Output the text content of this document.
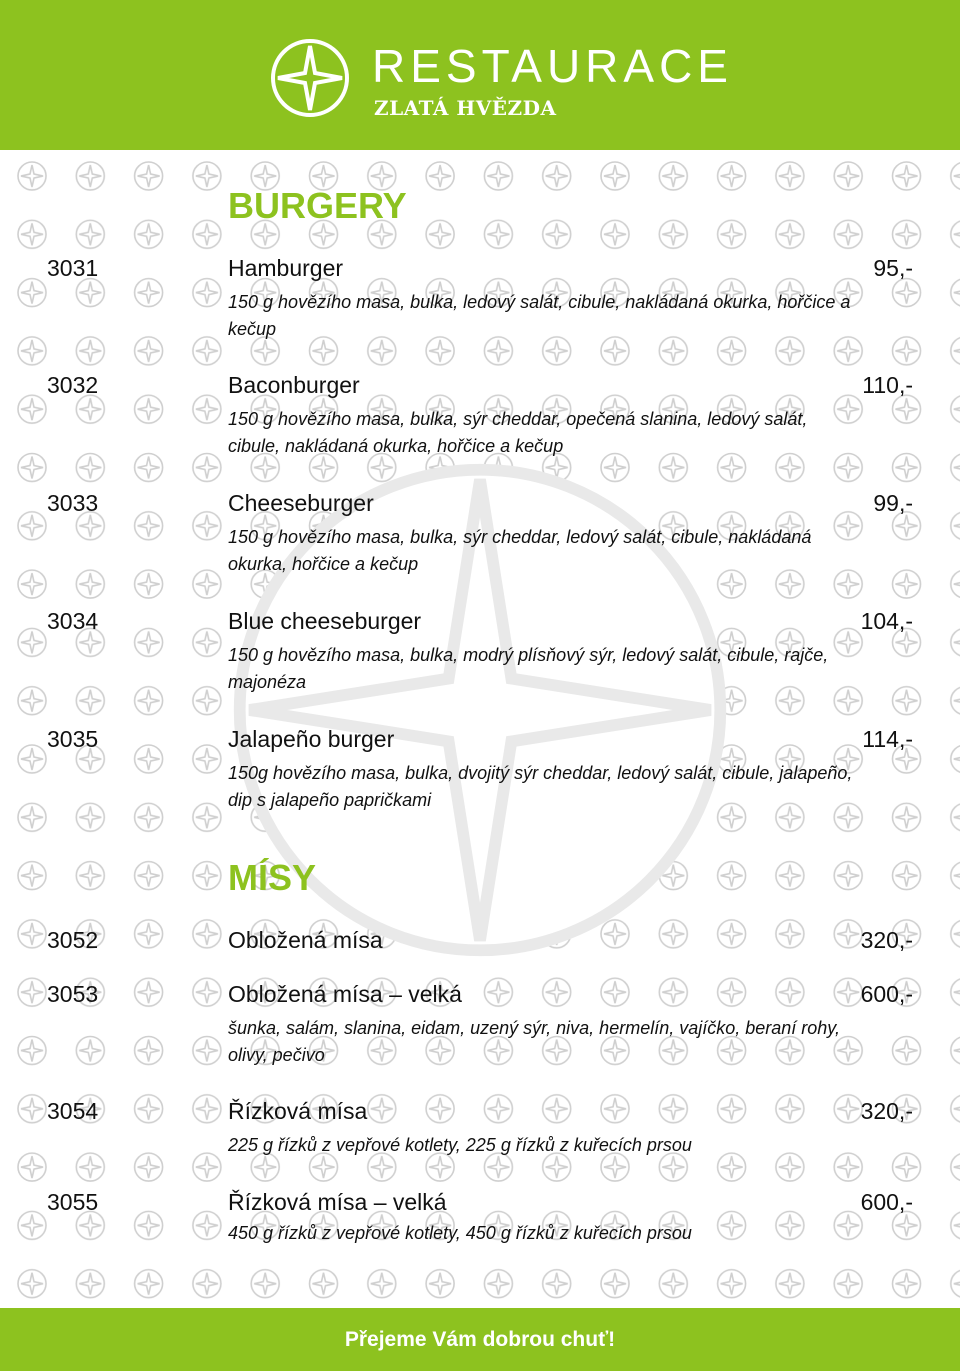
RESTAURACE
ZLATÁ HVĚZDA
BURGERY
3031	Hamburger	95,-
150 g hovězího masa, bulka, ledový salát, cibule, nakládaná okurka, hořčice a
kečup
3032	Baconburger	110,-
150 g hovězího masa, bulka, sýr cheddar, opečená slanina, ledový salát,
cibule, nakládaná okurka, hořčice a kečup
3033	Cheeseburger	99,-
150 g hovězího masa, bulka, sýr cheddar, ledový salát, cibule, nakládaná
okurka, hořčice a kečup
3034	Blue cheeseburger	104,-
150 g hovězího masa, bulka, modrý plísňový sýr, ledový salát, cibule, rajče,
majonéza
3035	Jalapeño burger	114,-
150g hovězího masa, bulka, dvojitý sýr cheddar, ledový salát, cibule, jalapeño,
dip s jalapeño papričkami
MÍSY
3052	Obložená mísa	320,-
3053	Obložená mísa – velká	600,-
šunka, salám, slanina, eidam, uzený sýr, niva, hermelín, vajíčko, beraní rohy,
olivy, pečivo
3054	Řízková mísa	320,-
225 g řízků z vepřové kotlety, 225 g řízků z kuřecích prsou
3055	Řízková mísa – velká	600,-
450 g řízků z vepřové kotlety, 450 g řízků z kuřecích prsou
Přejeme Vám dobrou chuť!
